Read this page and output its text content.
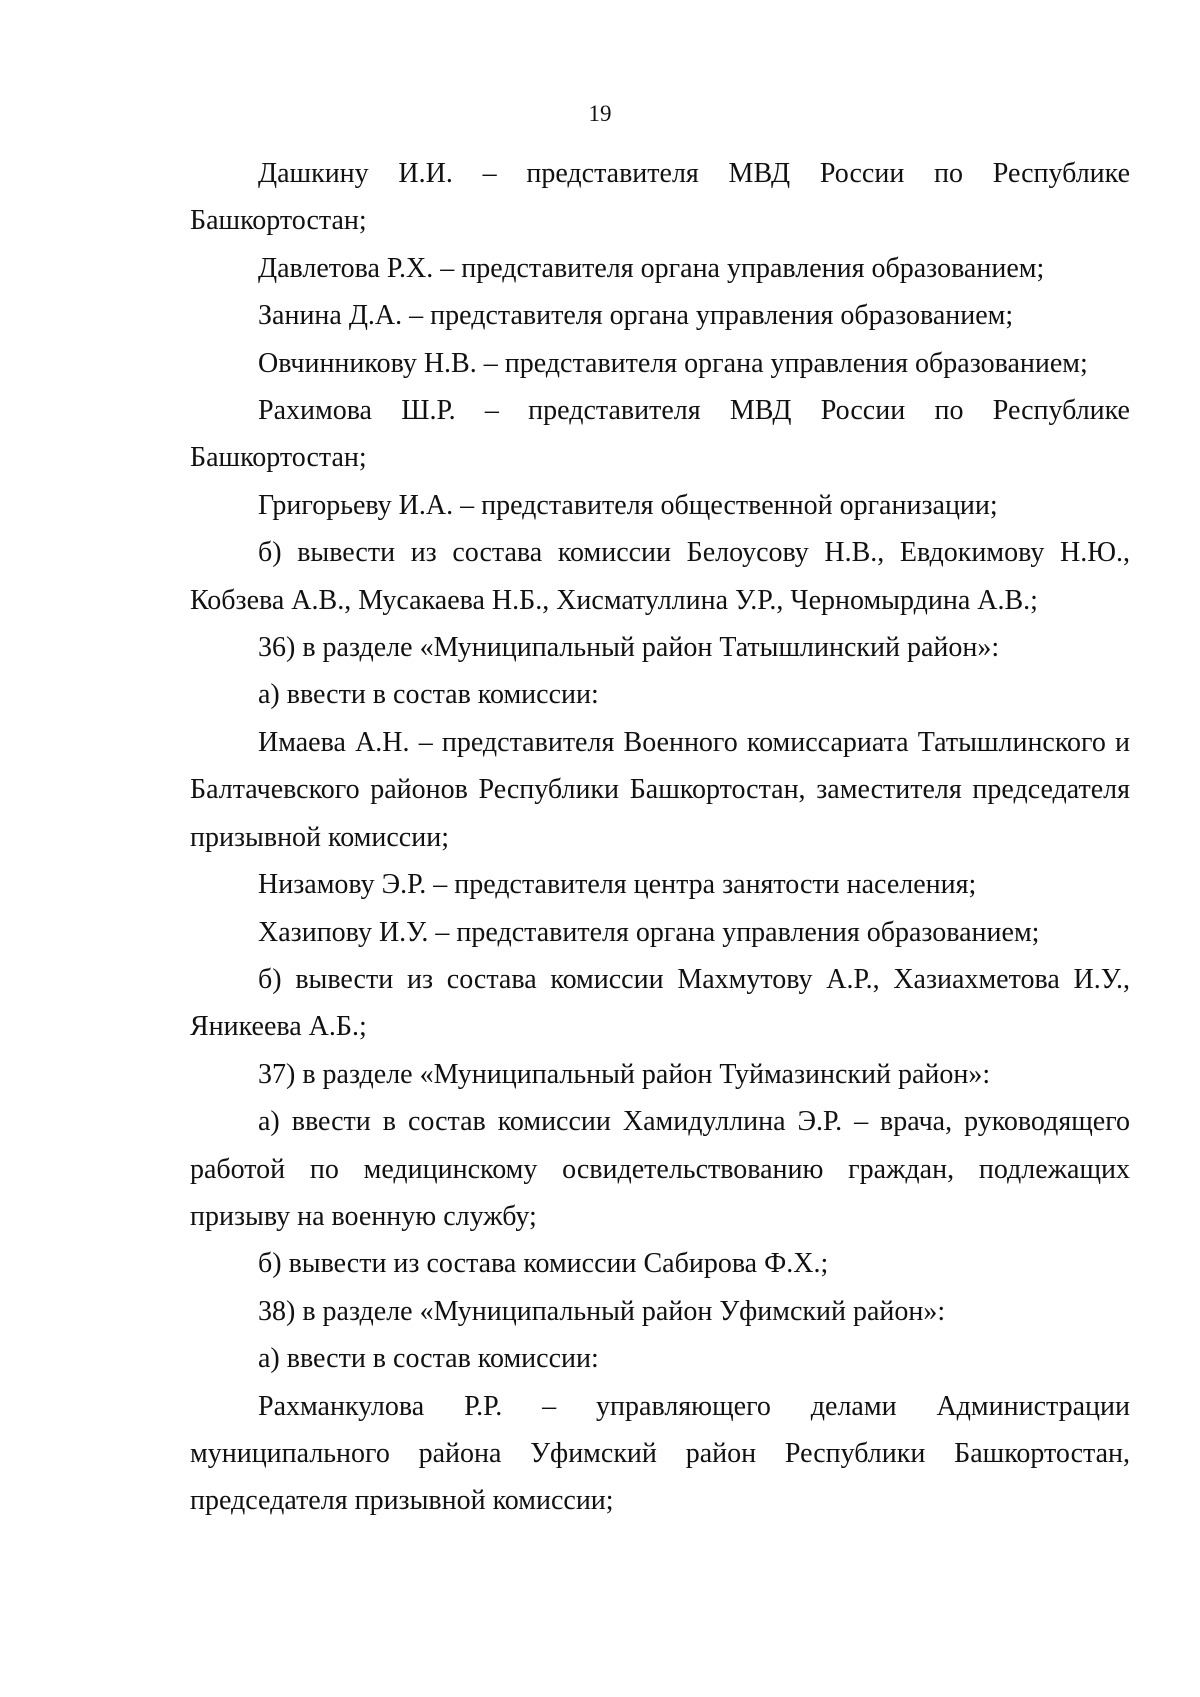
19

Дашкину И.И. – представителя МВД России по Республике Башкортостан;

Давлетова Р.Х. – представителя органа управления образованием;

Занина Д.А. – представителя органа управления образованием;

Овчинникову Н.В. – представителя органа управления образованием;

Рахимова Ш.Р. – представителя МВД России по Республике Башкортостан;

Григорьеву И.А. – представителя общественной организации;

б) вывести из состава комиссии Белоусову Н.В., Евдокимову Н.Ю., Кобзева А.В., Мусакаева Н.Б., Хисматуллина У.Р., Черномырдина А.В.;

36) в разделе «Муниципальный район Татышлинский район»:

а) ввести в состав комиссии:

Имаева А.Н. – представителя Военного комиссариата Татышлинского и Балтачевского районов Республики Башкортостан, заместителя председателя призывной комиссии;

Низамову Э.Р. – представителя центра занятости населения;

Хазипову И.У. – представителя органа управления образованием;

б) вывести из состава комиссии Махмутову А.Р., Хазиахметова И.У., Яникеева А.Б.;

37) в разделе «Муниципальный район Туймазинский район»:

а) ввести в состав комиссии Хамидуллина Э.Р. – врача, руководящего работой по медицинскому освидетельствованию граждан, подлежащих призыву на военную службу;

б) вывести из состава комиссии Сабирова Ф.Х.;

38) в разделе «Муниципальный район Уфимский район»:

а) ввести в состав комиссии:

Рахманкулова Р.Р. – управляющего делами Администрации муниципального района Уфимский район Республики Башкортостан, председателя призывной комиссии;
